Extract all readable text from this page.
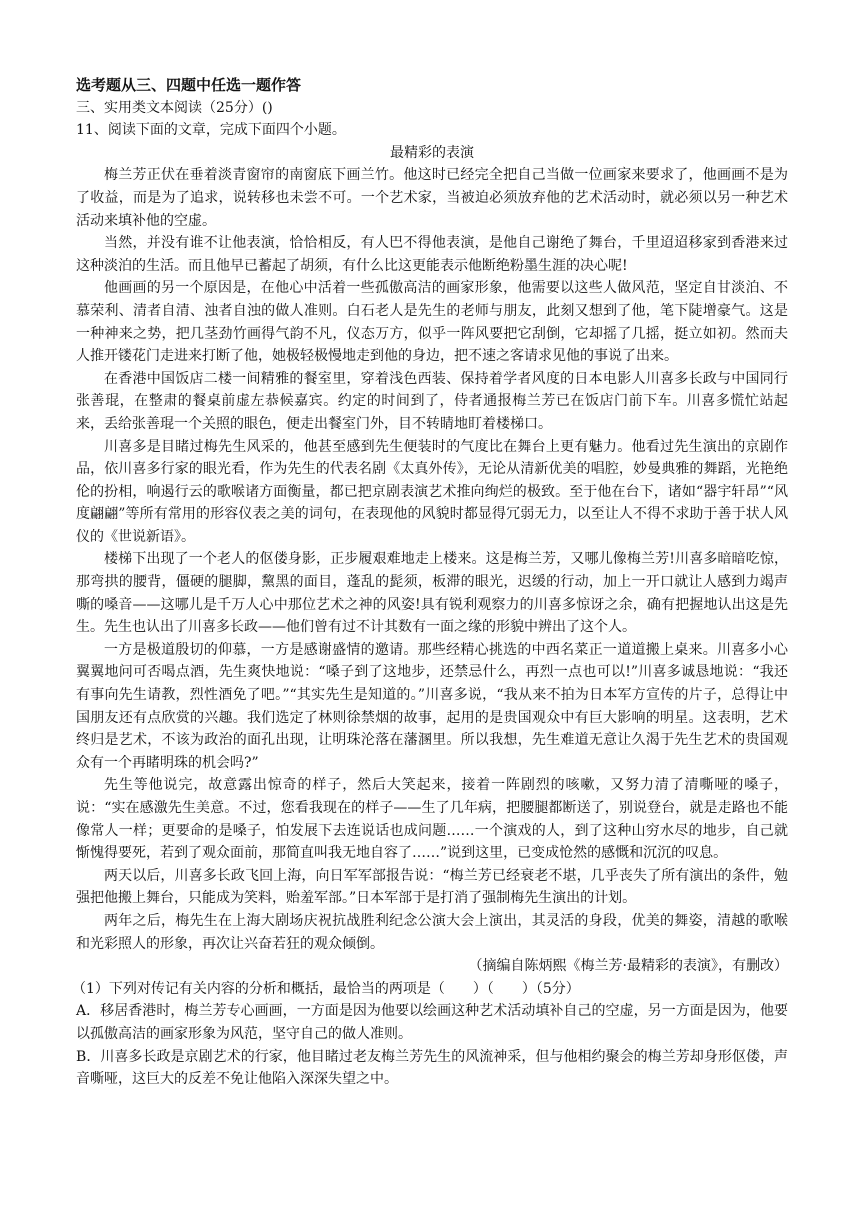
选考题从三、四题中任选一题作答

三、实用类文本阅读（25分）()

11、阅读下面的文章，完成下面四个小题。

最精彩的表演

梅兰芳正伏在垂着淡青窗帘的南窗底下画兰竹。他这时已经完全把自己当做一位画家来要求了，他画画不是为了收益，而是为了追求，说转移也未尝不可。一个艺术家，当被迫必须放弃他的艺术活动时，就必须以另一种艺术活动来填补他的空虚。

当然，并没有谁不让他表演，恰恰相反，有人巴不得他表演，是他自己谢绝了舞台，千里迢迢移家到香港来过这种淡泊的生活。而且他早已蓄起了胡须，有什么比这更能表示他断绝粉墨生涯的决心呢!

他画画的另一个原因是，在他心中活着一些孤傲高洁的画家形象，他需要以这些人做风范，坚定自甘淡泊、不慕荣利、清者自清、浊者自浊的做人准则。白石老人是先生的老师与朋友，此刻又想到了他，笔下陡增豪气。这是一种神来之势，把几茎劲竹画得气韵不凡，仪态万方，似乎一阵风要把它刮倒，它却摇了几摇，挺立如初。然而夫人推开镂花门走进来打断了他，她极轻极慢地走到他的身边，把不速之客请求见他的事说了出来。

在香港中国饭店二楼一间精雅的餐室里，穿着浅色西装、保持着学者风度的日本电影人川喜多长政与中国同行张善琨，在整肃的餐桌前虚左恭候嘉宾。约定的时间到了，侍者通报梅兰芳已在饭店门前下车。川喜多慌忙站起来，丢给张善琨一个关照的眼色，便走出餐室门外，目不转睛地盯着楼梯口。

川喜多是目睹过梅先生风采的，他甚至感到先生便装时的气度比在舞台上更有魅力。他看过先生演出的京剧作品，依川喜多行家的眼光看，作为先生的代表名剧《太真外传》，无论从清新优美的唱腔，妙曼典雅的舞蹈，光艳绝伦的扮相，响遏行云的歌喉诸方面衡量，都已把京剧表演艺术推向绚烂的极致。至于他在台下，诸如“器宇轩昂”“风度翩翩”等所有常用的形容仪表之美的词句，在表现他的风貌时都显得冗弱无力，以至让人不得不求助于善于状人风仪的《世说新语》。

楼梯下出现了一个老人的伛偻身影，正步履艰难地走上楼来。这是梅兰芳，又哪儿像梅兰芳!川喜多暗暗吃惊，那弯拱的腰背，僵硬的腿脚，黧黑的面目，蓬乱的髭须，板滞的眼光，迟缓的行动，加上一开口就让人感到力竭声嘶的嗓音——这哪儿是千万人心中那位艺术之神的风姿!具有锐利观察力的川喜多惊讶之余，确有把握地认出这是先生。先生也认出了川喜多长政——他们曾有过不计其数有一面之缘的形貌中辨出了这个人。

一方是极道殷切的仰慕，一方是感谢盛情的邀请。那些经精心挑选的中西名菜正一道道搬上桌来。川喜多小心翼翼地问可否喝点酒，先生爽快地说：“嗓子到了这地步，还禁忌什么，再烈一点也可以!”川喜多诚恳地说：“我还有事向先生请教，烈性酒免了吧。”“其实先生是知道的。”川喜多说，“我从来不拍为日本军方宣传的片子，总得让中国朋友还有点欣赏的兴趣。我们选定了林则徐禁烟的故事，起用的是贵国观众中有巨大影响的明星。这表明，艺术终归是艺术，不该为政治的面孔出现，让明珠沦落在藩溷里。所以我想，先生难道无意让久渴于先生艺术的贵国观众有一个再睹明珠的机会吗?”

先生等他说完，故意露出惊奇的样子，然后大笑起来，接着一阵剧烈的咳嗽，又努力清了清嘶哑的嗓子，说：“实在感激先生美意。不过，您看我现在的样子——生了几年病，把腰腿都断送了，别说登台，就是走路也不能像常人一样；更要命的是嗓子，怕发展下去连说话也成问题……一个演戏的人，到了这种山穷水尽的地步，自己就惭愧得要死，若到了观众面前，那简直叫我无地自容了……”说到这里，已变成怆然的感慨和沉沉的叹息。

两天以后，川喜多长政飞回上海，向日军军部报告说：“梅兰芳已经衰老不堪，几乎丧失了所有演出的条件，勉强把他搬上舞台，只能成为笑料，贻羞军部。”日本军部于是打消了强制梅先生演出的计划。

两年之后，梅先生在上海大剧场庆祝抗战胜利纪念公演大会上演出，其灵活的身段，优美的舞姿，清越的歌喉和光彩照人的形象，再次让兴奋若狂的观众倾倒。

（摘编自陈炳熙《梅兰芳·最精彩的表演》，有删改）

（1）下列对传记有关内容的分析和概括，最恰当的两项是（　　）（　　）（5分）

A．移居香港时，梅兰芳专心画画，一方面是因为他要以绘画这种艺术活动填补自己的空虚，另一方面是因为，他要以孤傲高洁的画家形象为风范，坚守自己的做人准则。

B．川喜多长政是京剧艺术的行家，他目睹过老友梅兰芳先生的风流神采，但与他相约聚会的梅兰芳却身形伛偻，声音嘶哑，这巨大的反差不免让他陷入深深失望之中。
